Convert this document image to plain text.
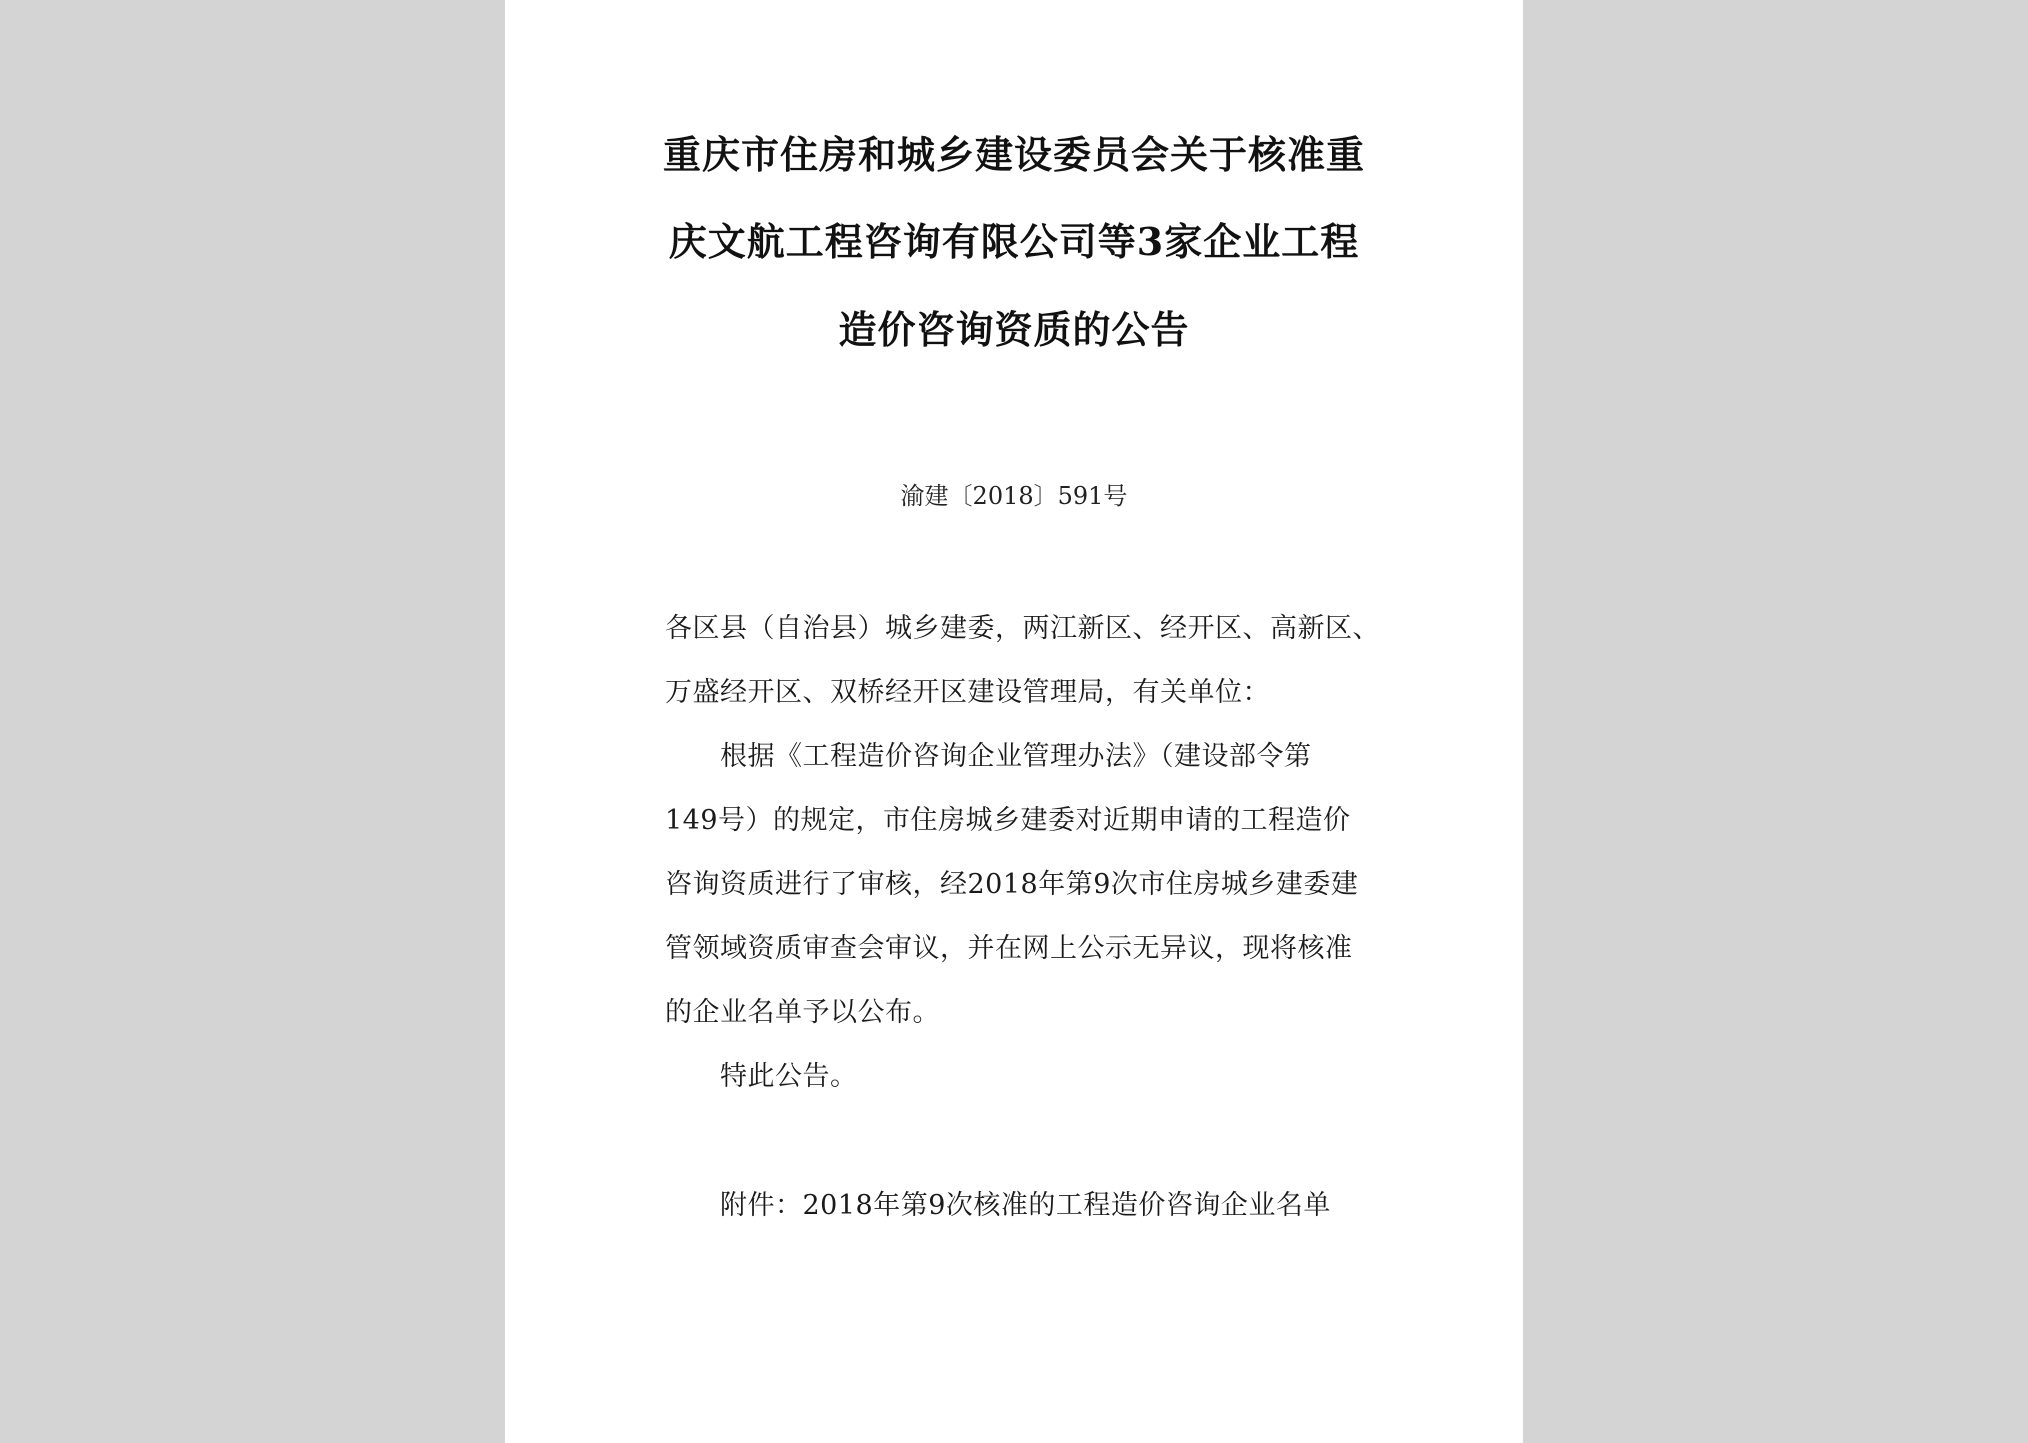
重庆市住房和城乡建设委员会关于核准重
庆文航工程咨询有限公司等3家企业工程
造价咨询资质的公告
渝建〔2018〕591号
各区县（自治县）城乡建委，两江新区、经开区、高新区、
万盛经开区、双桥经开区建设管理局，有关单位：
根据《工程造价咨询企业管理办法》（建设部令第
149号）的规定，市住房城乡建委对近期申请的工程造价
咨询资质进行了审核，经2018年第9次市住房城乡建委建
管领域资质审查会审议，并在网上公示无异议，现将核准
的企业名单予以公布。
特此公告。
附件：2018年第9次核准的工程造价咨询企业名单
